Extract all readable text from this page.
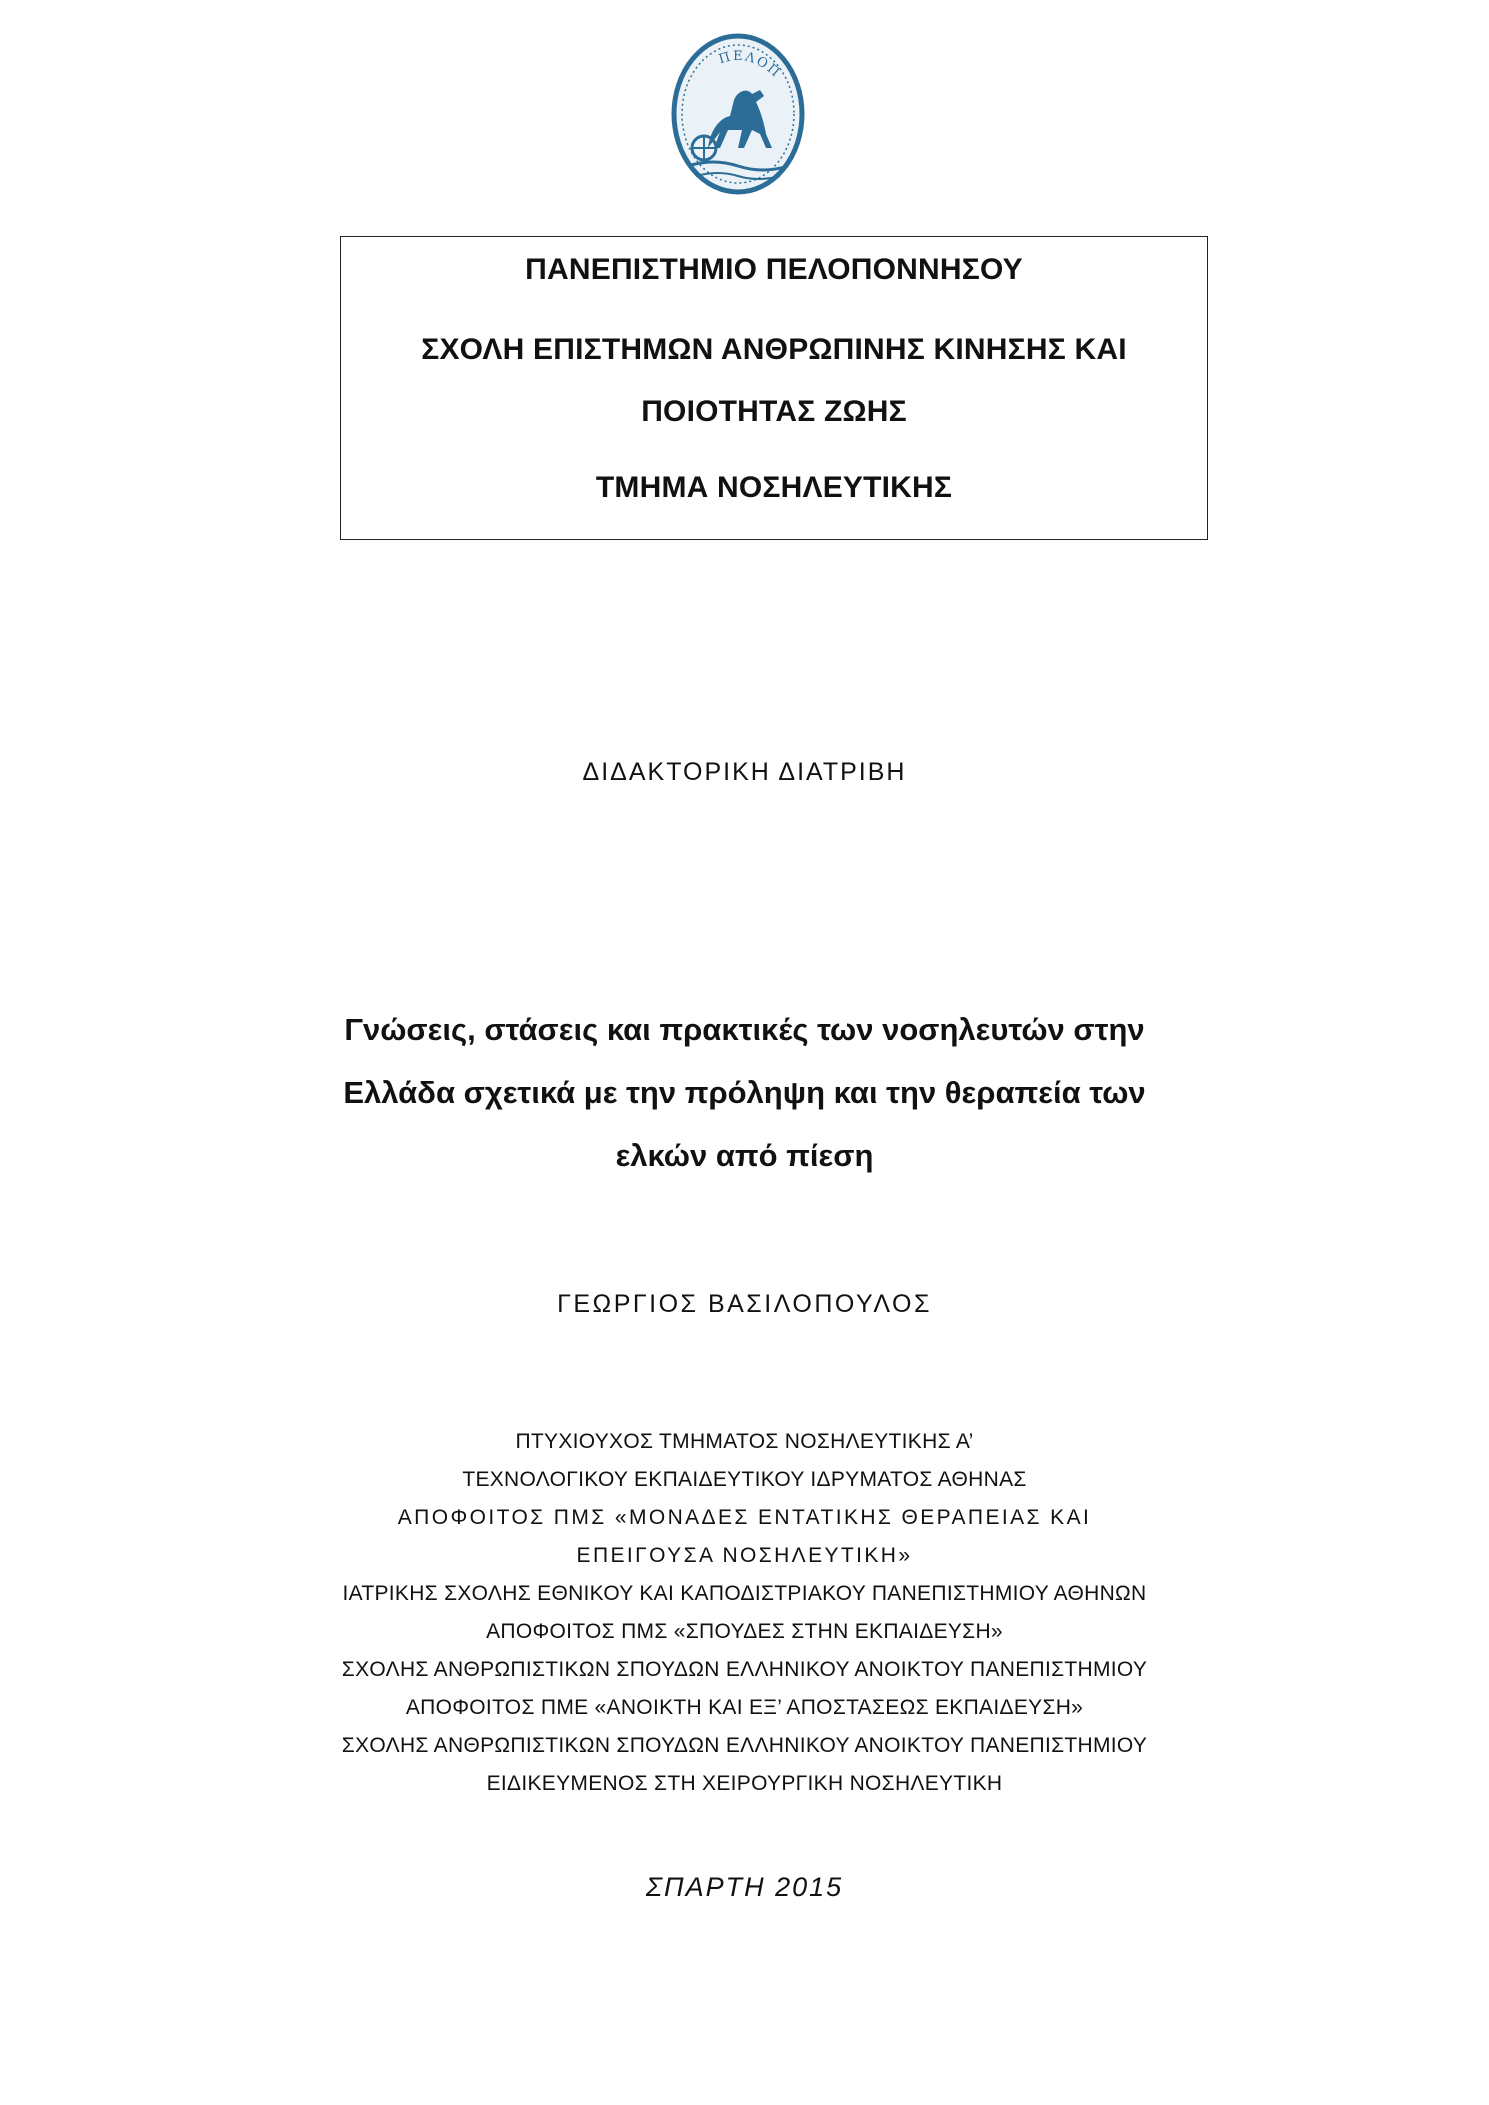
ΠΕΛΟΠ
ΠΑΝΕΠΙΣΤΗΜΙΟ ΠΕΛΟΠΟΝΝΗΣΟΥ
ΣΧΟΛΗ ΕΠΙΣΤΗΜΩΝ ΑΝΘΡΩΠΙΝΗΣ ΚΙΝΗΣΗΣ ΚΑΙ
ΠΟΙΟΤΗΤΑΣ ΖΩΗΣ
ΤΜΗΜΑ ΝΟΣΗΛΕΥΤΙΚΗΣ
ΔΙΔΑΚΤΟΡΙΚΗ ΔΙΑΤΡΙΒΗ
Γνώσεις, στάσεις και πρακτικές των νοσηλευτών στην
Ελλάδα σχετικά με την πρόληψη και την θεραπεία των
ελκών από πίεση
ΓΕΩΡΓΙΟΣ ΒΑΣΙΛΟΠΟΥΛΟΣ
ΠΤΥΧΙΟΥΧΟΣ ΤΜΗΜΑΤΟΣ ΝΟΣΗΛΕΥΤΙΚΗΣ Α’
ΤΕΧΝΟΛΟΓΙΚΟΥ ΕΚΠΑΙΔΕΥΤΙΚΟΥ ΙΔΡΥΜΑΤΟΣ ΑΘΗΝΑΣ
ΑΠΟΦΟΙΤΟΣ ΠΜΣ «ΜΟΝΑΔΕΣ ΕΝΤΑΤΙΚΗΣ ΘΕΡΑΠΕΙΑΣ ΚΑΙ
ΕΠΕΙΓΟΥΣΑ ΝΟΣΗΛΕΥΤΙΚΗ»
ΙΑΤΡΙΚΗΣ ΣΧΟΛΗΣ ΕΘΝΙΚΟΥ ΚΑΙ ΚΑΠΟΔΙΣΤΡΙΑΚΟΥ ΠΑΝΕΠΙΣΤΗΜΙΟΥ ΑΘΗΝΩΝ
ΑΠΟΦΟΙΤΟΣ ΠΜΣ «ΣΠΟΥΔΕΣ ΣΤΗΝ ΕΚΠΑΙΔΕΥΣΗ»
ΣΧΟΛΗΣ ΑΝΘΡΩΠΙΣΤΙΚΩΝ ΣΠΟΥΔΩΝ ΕΛΛΗΝΙΚΟΥ ΑΝΟΙΚΤΟΥ ΠΑΝΕΠΙΣΤΗΜΙΟΥ
ΑΠΟΦΟΙΤΟΣ ΠΜΕ «ΑΝΟΙΚΤΗ ΚΑΙ ΕΞ’ ΑΠΟΣΤΑΣΕΩΣ ΕΚΠΑΙΔΕΥΣΗ»
ΣΧΟΛΗΣ ΑΝΘΡΩΠΙΣΤΙΚΩΝ ΣΠΟΥΔΩΝ ΕΛΛΗΝΙΚΟΥ ΑΝΟΙΚΤΟΥ ΠΑΝΕΠΙΣΤΗΜΙΟΥ
ΕΙΔΙΚΕΥΜΕΝΟΣ ΣΤΗ ΧΕΙΡΟΥΡΓΙΚΗ ΝΟΣΗΛΕΥΤΙΚΗ
ΣΠΑΡΤΗ 2015
